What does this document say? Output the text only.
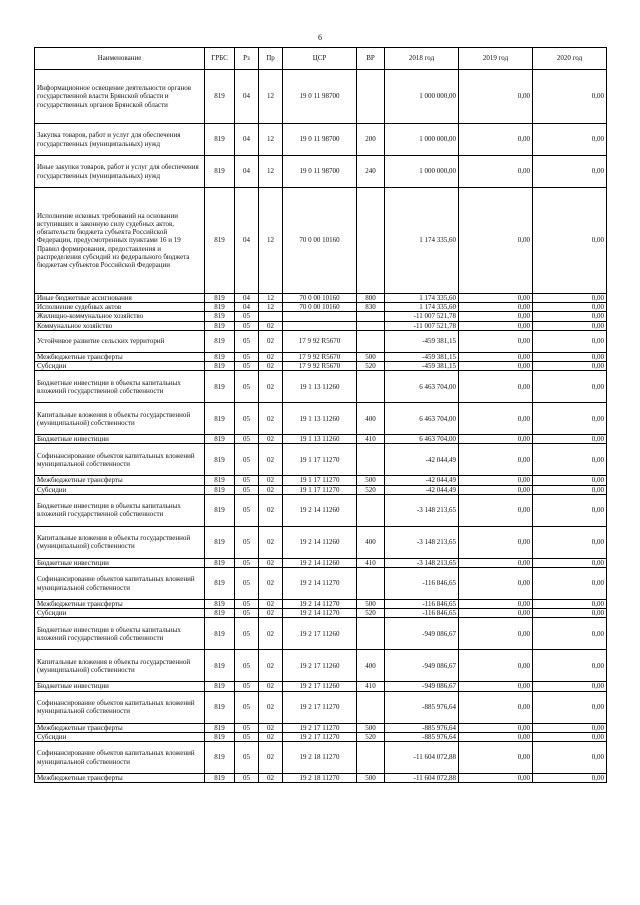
6
Наименование	ГРБС	Рз	Пр	ЦСР	ВР	2018 год	2019 год	2020 год
Информационное освещение деятельности органов государственной власти Брянской области и государственных органов Брянской области	819	04	12	19 0 11 98700		1 000 000,00	0,00	0,00
Закупка товаров, работ и услуг для обеспечения государственных (муниципальных) нужд	819	04	12	19 0 11 98700	200	1 000 000,00	0,00	0,00
Иные закупки товаров, работ и услуг для обеспечения государственных (муниципальных) нужд	819	04	12	19 0 11 98700	240	1 000 000,00	0,00	0,00
Исполнение исковых требований на основании вступивших в законную силу судебных актов, обязательств бюджета субъекта Российской Федерации, предусмотренных пунктами 16 и 19 Правил формирования, предоставления и распределения субсидий из федерального бюджета бюджетам субъектов Российской Федерации	819	04	12	70 0 00 10160		1 174 335,60	0,00	0,00
Иные бюджетные ассигнования	819	04	12	70 0 00 10160	800	1 174 335,60	0,00	0,00
Исполнение судебных актов	819	04	12	70 0 00 10160	830	1 174 335,60	0,00	0,00
Жилищно-коммунальное хозяйство	819	05				-11 007 521,78	0,00	0,00
Коммунальное хозяйство	819	05	02			-11 007 521,78	0,00	0,00
Устойчивое развитие сельских территорий	819	05	02	17 9 92 R5670		-459 381,15	0,00	0,00
Межбюджетные трансферты	819	05	02	17 9 92 R5670	500	-459 381,15	0,00	0,00
Субсидии	819	05	02	17 9 92 R5670	520	-459 381,15	0,00	0,00
Бюджетные инвестиции в объекты капитальных вложений государственной собственности	819	05	02	19 1 13 11260		6 463 704,00	0,00	0,00
Капитальные вложения в объекты государственной (муниципальной) собственности	819	05	02	19 1 13 11260	400	6 463 704,00	0,00	0,00
Бюджетные инвестиции	819	05	02	19 1 13 11260	410	6 463 704,00	0,00	0,00
Софинансирование объектов капитальных вложений муниципальной собственности	819	05	02	19 1 17 11270		-42 044,49	0,00	0,00
Межбюджетные трансферты	819	05	02	19 1 17 11270	500	-42 044,49	0,00	0,00
Субсидии	819	05	02	19 1 17 11270	520	-42 044,49	0,00	0,00
Бюджетные инвестиции в объекты капитальных вложений государственной собственности	819	05	02	19 2 14 11260		-3 148 213,65	0,00	0,00
Капитальные вложения в объекты государственной (муниципальной) собственности	819	05	02	19 2 14 11260	400	-3 148 213,65	0,00	0,00
Бюджетные инвестиции	819	05	02	19 2 14 11260	410	-3 148 213,65	0,00	0,00
Софинансирование объектов капитальных вложений муниципальной собственности	819	05	02	19 2 14 11270		-116 846,65	0,00	0,00
Межбюджетные трансферты	819	05	02	19 2 14 11270	500	-116 846,65	0,00	0,00
Субсидии	819	05	02	19 2 14 11270	520	-116 846,65	0,00	0,00
Бюджетные инвестиции в объекты капитальных вложений государственной собственности	819	05	02	19 2 17 11260		-949 086,67	0,00	0,00
Капитальные вложения в объекты государственной (муниципальной) собственности	819	05	02	19 2 17 11260	400	-949 086,67	0,00	0,00
Бюджетные инвестиции	819	05	02	19 2 17 11260	410	-949 086,67	0,00	0,00
Софинансирование объектов капитальных вложений муниципальной собственности	819	05	02	19 2 17 11270		-885 976,64	0,00	0,00
Межбюджетные трансферты	819	05	02	19 2 17 11270	500	-885 976,64	0,00	0,00
Субсидии	819	05	02	19 2 17 11270	520	-885 976,64	0,00	0,00
Софинансирование объектов капитальных вложений муниципальной собственности	819	05	02	19 2 18 11270		-11 604 072,88	0,00	0,00
Межбюджетные трансферты	819	05	02	19 2 18 11270	500	-11 604 072,88	0,00	0,00
